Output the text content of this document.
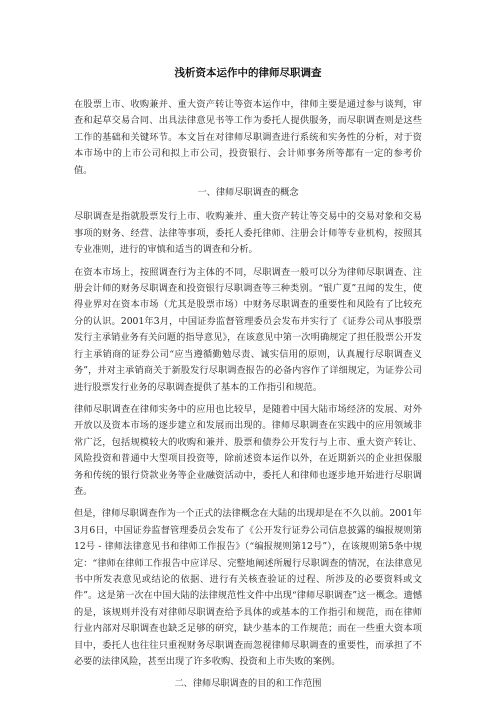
浅析资本运作中的律师尽职调查

在股票上市、收购兼并、重大资产转让等资本运作中，律师主要是通过参与谈判，审查和起草交易合同、出具法律意见书等工作为委托人提供服务，而尽职调查则是这些工作的基础和关键环节。本文旨在对律师尽职调查进行系统和实务性的分析，对于资本市场中的上市公司和拟上市公司，投资银行、会计师事务所等都有一定的参考价值。

一、律师尽职调查的概念

尽职调查是指就股票发行上市、收购兼并、重大资产转让等交易中的交易对象和交易事项的财务、经营、法律等事项，委托人委托律师、注册会计师等专业机构，按照其专业准则，进行的审慎和适当的调查和分析。

在资本市场上，按照调查行为主体的不同，尽职调查一般可以分为律师尽职调查、注册会计师的财务尽职调查和投资银行尽职调查等三种类别。“银广夏”丑闻的发生，使得业界对在资本市场（尤其是股票市场）中财务尽职调查的重要性和风险有了比较充分的认识。2001年3月，中国证券监督管理委员会发布并实行了《证券公司从事股票发行主承销业务有关问题的指导意见》，在该意见中第一次明确规定了担任股票公开发行主承销商的证券公司“应当遵循勤勉尽责、诚实信用的原则，认真履行尽职调查义务”，并对主承销商关于新股发行尽职调查报告的必备内容作了详细规定，为证券公司进行股票发行业务的尽职调查提供了基本的工作指引和规范。

律师尽职调查在律师实务中的应用也比较早，是随着中国大陆市场经济的发展、对外开放以及资本市场的逐步建立和发展而出现的。律师尽职调查在实践中的应用领域非常广泛，包括规模较大的收购和兼并、股票和债券公开发行与上市、重大资产转让、风险投资和普通中大型项目投资等，除前述资本运作以外，在近期新兴的企业担保服务和传统的银行贷款业务等企业融资活动中，委托人和律师也逐步地开始进行尽职调查。

但是，律师尽职调查作为一个正式的法律概念在大陆的出现却是在不久以前。2001年3月6日，中国证券监督管理委员会发布了《公开发行证券公司信息披露的编报规则第12号 - 律师法律意见书和律师工作报告》（“编报规则第12号”），在该规则第5条中规定：“律师在律师工作报告中应详尽、完整地阐述所履行尽职调查的情况，在法律意见书中所发表意见或结论的依据、进行有关核查验证的过程、所涉及的必要资料或文件”。这是第一次在中国大陆的法律规范性文件中出现“律师尽职调查”这一概念。遗憾的是，该规则并没有对律师尽职调查给予具体的或基本的工作指引和规范，而在律师行业内部对尽职调查也缺乏足够的研究，缺少基本的工作规范；而在一些重大资本项目中，委托人也往往只重视财务尽职调查而忽视律师尽职调查的重要性，而承担了不必要的法律风险，甚至出现了许多收购、投资和上市失败的案例。

二、律师尽职调查的目的和工作范围
